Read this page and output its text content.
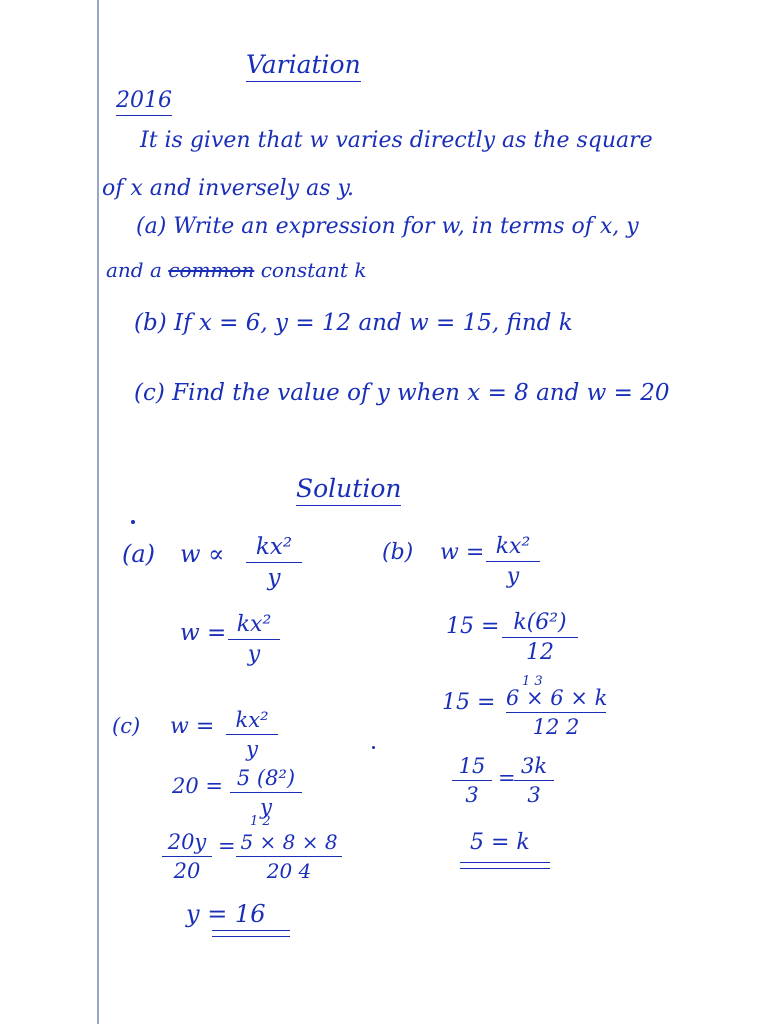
Variation
2016
It is given that w varies directly as the square
of x and inversely as y.
(a) Write an expression for w, in terms of x, y
and a common constant k
(b) If x = 6, y = 12 and w = 15, find k
(c) Find the value of y when x = 8 and w = 20
Solution
(a) w ∝	kx²
y
w = kx²
y
(b) w = kx²
y
15 = k(6²)
12
1 3
15 = 6 × 6 × k
12 2
15
3
= 3k
3
5 = k
(c) w =	kx²
y
20 = 5 (8²)
y
1 2
20y
20
= 5 × 8 × 8
20 4
y = 16
